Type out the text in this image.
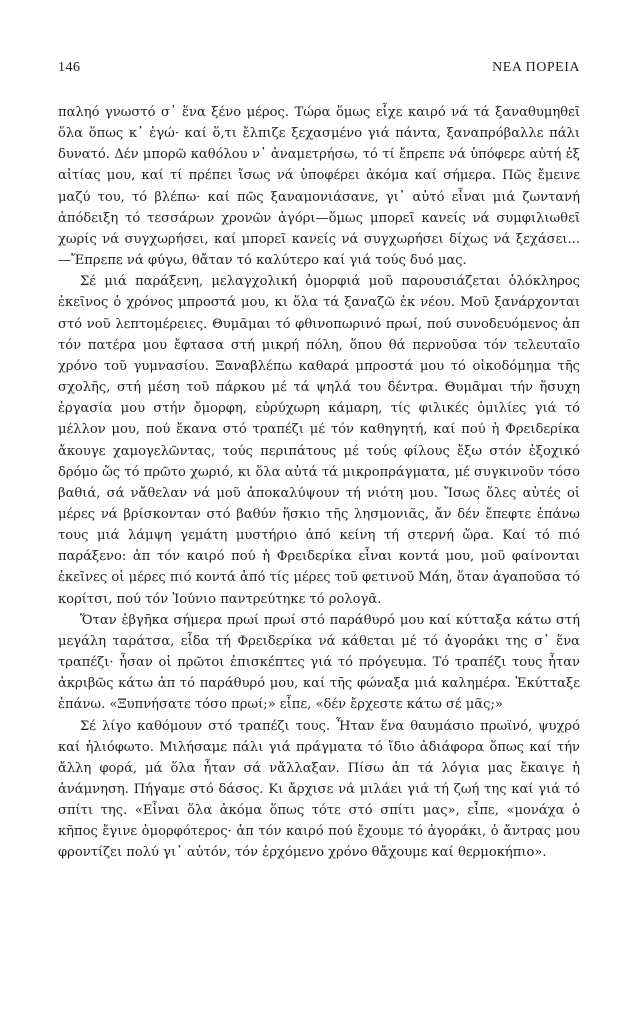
146	ΝΕΑ ΠΟΡΕΙΑ

παληό γνωστό σ᾽ ἕνα ξένο μέρος. Τώρα ὅμως εἶχε καιρό νά τά ξαναθυμηθεῖ ὅλα ὅπως κ᾽ ἐγώ· καί ὅ,τι ἔλπιζε ξεχασμένο γιά πάντα, ξαναπρόβαλλε πάλι δυνατό. Δέν μπορῶ καθόλου ν᾽ ἀναμετρήσω, τό τί ἔπρεπε νά ὑπόφερε αὐτή ἐξ αἰτίας μου, καί τί πρέπει ἴσως νά ὑποφέρει ἀκόμα καί σήμερα. Πῶς ἔμεινε μαζύ του, τό βλέπω· καί πῶς ξαναμονιάσανε, γι᾽ αὐτό εἶναι μιά ζωντανή ἀπόδειξη τό τεσσάρων χρονῶν ἀγόρι—ὅμως μπορεῖ κανείς νά συμφιλιωθεῖ χωρίς νά συγχωρήσει, καί μπορεῖ κανείς νά συγχωρήσει δίχως νά ξεχάσει... —Ἔπρεπε νά φύγω, θἄταν τό καλύτερο καί γιά τούς δυό μας.

Σέ μιά παράξενη, μελαγχολική ὀμορφιά μοῦ παρουσιάζεται ὁλόκληρος ἐκεῖνος ὁ χρόνος μπροστά μου, κι ὅλα τά ξαναζῶ ἐκ νέου. Μοῦ ξανάρχονται στό νοῦ λεπτομέρειες. Θυμᾶμαι τό φθινοπωρινό πρωί, πού συνοδευόμενος ἀπ τόν πατέρα μου ἔφτασα στή μικρή πόλη, ὅπου θά περνοῦσα τόν τελευταῖο χρόνο τοῦ γυμνασίου. Ξαναβλέπω καθαρά μπροστά μου τό οἰκοδόμημα τῆς σχολῆς, στή μέση τοῦ πάρκου μέ τά ψηλά του δέντρα. Θυμᾶμαι τήν ἥσυχη ἐργασία μου στήν ὄμορφη, εὐρύχωρη κάμαρη, τίς φιλικές ὁμιλίες γιά τό μέλλον μου, πού ἔκανα στό τραπέζι μέ τόν καθηγητή, καί πού ἡ Φρειδερίκα ἄκουγε χαμογελῶντας, τούς περιπάτους μέ τούς φίλους ἔξω στόν ἐξοχικό δρόμο ὥς τό πρῶτο χωριό, κι ὅλα αὐτά τά μικροπράγματα, μέ συγκινοῦν τόσο βαθιά, σά νἄθελαν νά μοῦ ἀποκαλύψουν τή νιότη μου. Ἴσως ὅλες αὐτές οἱ μέρες νά βρίσκονταν στό βαθύν ἥσκιο τῆς λησμονιᾶς, ἄν δέν ἔπεφτε ἐπάνω τους μιά λάμψη γεμάτη μυστήριο ἀπό κείνη τή στερνή ὥρα. Καί τό πιό παράξενο: ἀπ τόν καιρό πού ἡ Φρειδερίκα εἶναι κοντά μου, μοῦ φαίνονται ἐκεῖνες οἱ μέρες πιό κοντά ἀπό τίς μέρες τοῦ φετινοῦ Μάη, ὅταν ἀγαποῦσα τό κορίτσι, πού τόν Ἰούνιο παντρεύτηκε τό ρολογᾶ.

Ὅταν ἐβγῆκα σήμερα πρωί πρωί στό παράθυρό μου καί κύτταξα κάτω στή μεγάλη ταράτσα, εἶδα τή Φρειδερίκα νά κάθεται μέ τό ἀγοράκι της σ᾽ ἕνα τραπέζι· ἦσαν οἱ πρῶτοι ἐπισκέπτες γιά τό πρόγευμα. Τό τραπέζι τους ἦταν ἀκριβῶς κάτω ἀπ τό παράθυρό μου, καί τῆς φώναξα μιά καλημέρα. Ἐκύτταξε ἐπάνω. «Ξυπνήσατε τόσο πρωί;» εἶπε, «δέν ἔρχεστε κάτω σέ μᾶς;»

Σέ λίγο καθόμουν στό τραπέζι τους. Ἦταν ἕνα θαυμάσιο πρωϊνό, ψυχρό καί ἡλιόφωτο. Μιλήσαμε πάλι γιά πράγματα τό ἴδιο ἀδιάφορα ὅπως καί τήν ἄλλη φορά, μά ὅλα ἦταν σά νἄλλαξαν. Πίσω ἀπ τά λόγια μας ἔκαιγε ἡ ἀνάμνηση. Πήγαμε στό δάσος. Κι ἄρχισε νά μιλάει γιά τή ζωή της καί γιά τό σπίτι της. «Εἶναι ὅλα ἀκόμα ὅπως τότε στό σπίτι μας», εἶπε, «μονάχα ὁ κῆπος ἔγινε ὀμορφότερος· ἀπ τόν καιρό πού ἔχουμε τό ἀγοράκι, ὁ ἄντρας μου φροντίζει πολύ γι᾽ αὐτόν, τόν ἐρχόμενο χρόνο θἄχουμε καί θερμοκήπιο».
